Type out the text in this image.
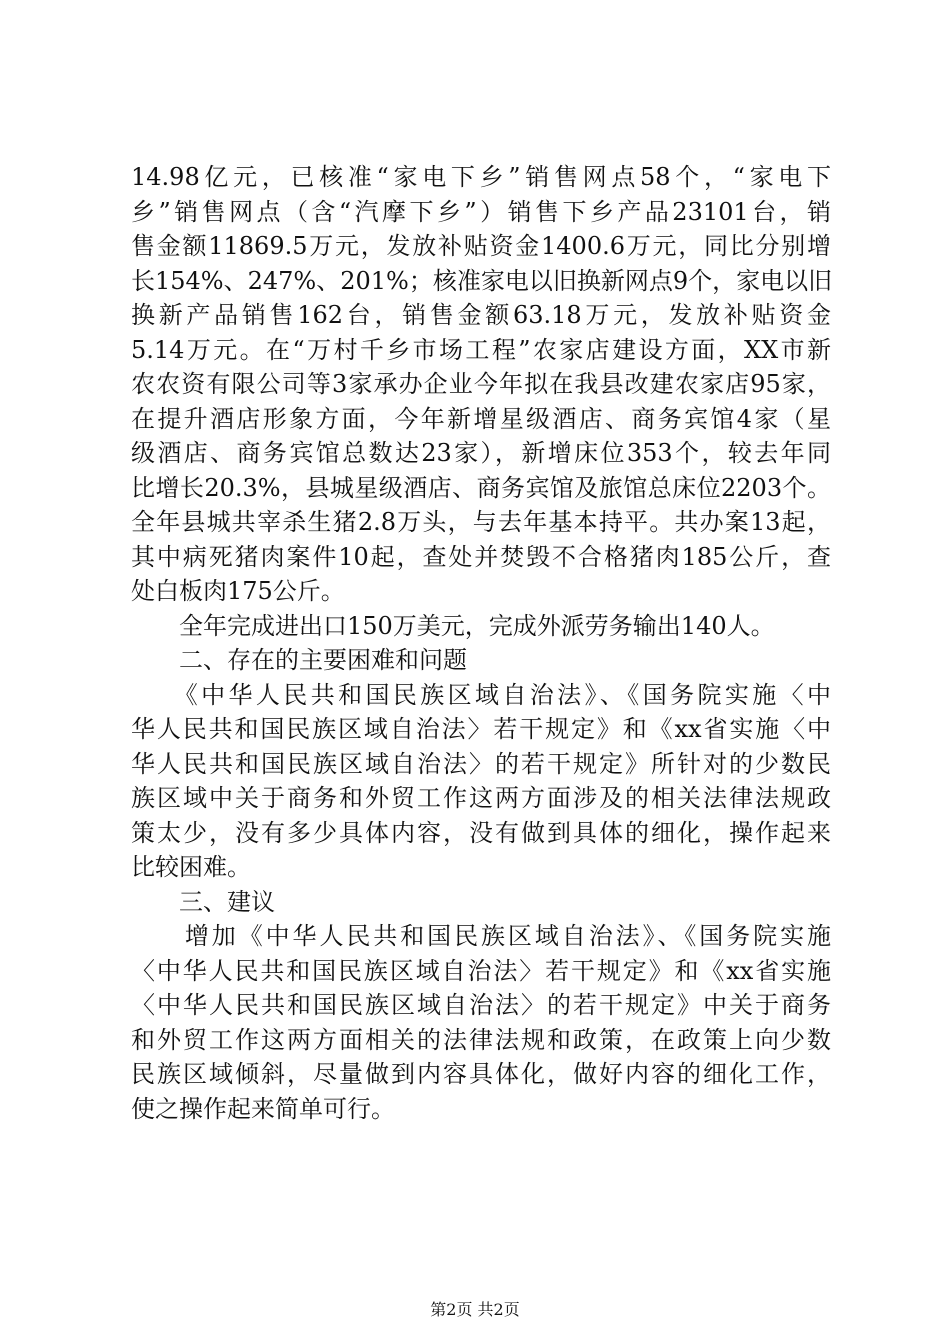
14.98亿元，已核准“家电下乡”销售网点58个，“家电下
乡”销售网点（含“汽摩下乡”）销售下乡产品23101台，销
售金额11869.5万元，发放补贴资金1400.6万元，同比分别增
长154%、247%、201%；核准家电以旧换新网点9个，家电以旧
换新产品销售162台，销售金额63.18万元，发放补贴资金
5.14万元。在“万村千乡市场工程”农家店建设方面，XX市新
农农资有限公司等3家承办企业今年拟在我县改建农家店95家，
在提升酒店形象方面，今年新增星级酒店、商务宾馆4家（星
级酒店、商务宾馆总数达23家），新增床位353个，较去年同
比增长20.3%，县城星级酒店、商务宾馆及旅馆总床位2203个。
全年县城共宰杀生猪2.8万头，与去年基本持平。共办案13起，
其中病死猪肉案件10起，查处并焚毁不合格猪肉185公斤，查
处白板肉175公斤。
　　全年完成进出口150万美元，完成外派劳务输出140人。
　　二、存在的主要困难和问题
　　《中华人民共和国民族区域自治法》、《国务院实施〈中
华人民共和国民族区域自治法〉若干规定》和《xx省实施〈中
华人民共和国民族区域自治法〉的若干规定》所针对的少数民
族区域中关于商务和外贸工作这两方面涉及的相关法律法规政
策太少，没有多少具体内容，没有做到具体的细化，操作起来
比较困难。
　　三、建议
　　增加《中华人民共和国民族区域自治法》、《国务院实施
〈中华人民共和国民族区域自治法〉若干规定》和《xx省实施
〈中华人民共和国民族区域自治法〉的若干规定》中关于商务
和外贸工作这两方面相关的法律法规和政策，在政策上向少数
民族区域倾斜，尽量做到内容具体化，做好内容的细化工作，
使之操作起来简单可行。
第2页 共2页
